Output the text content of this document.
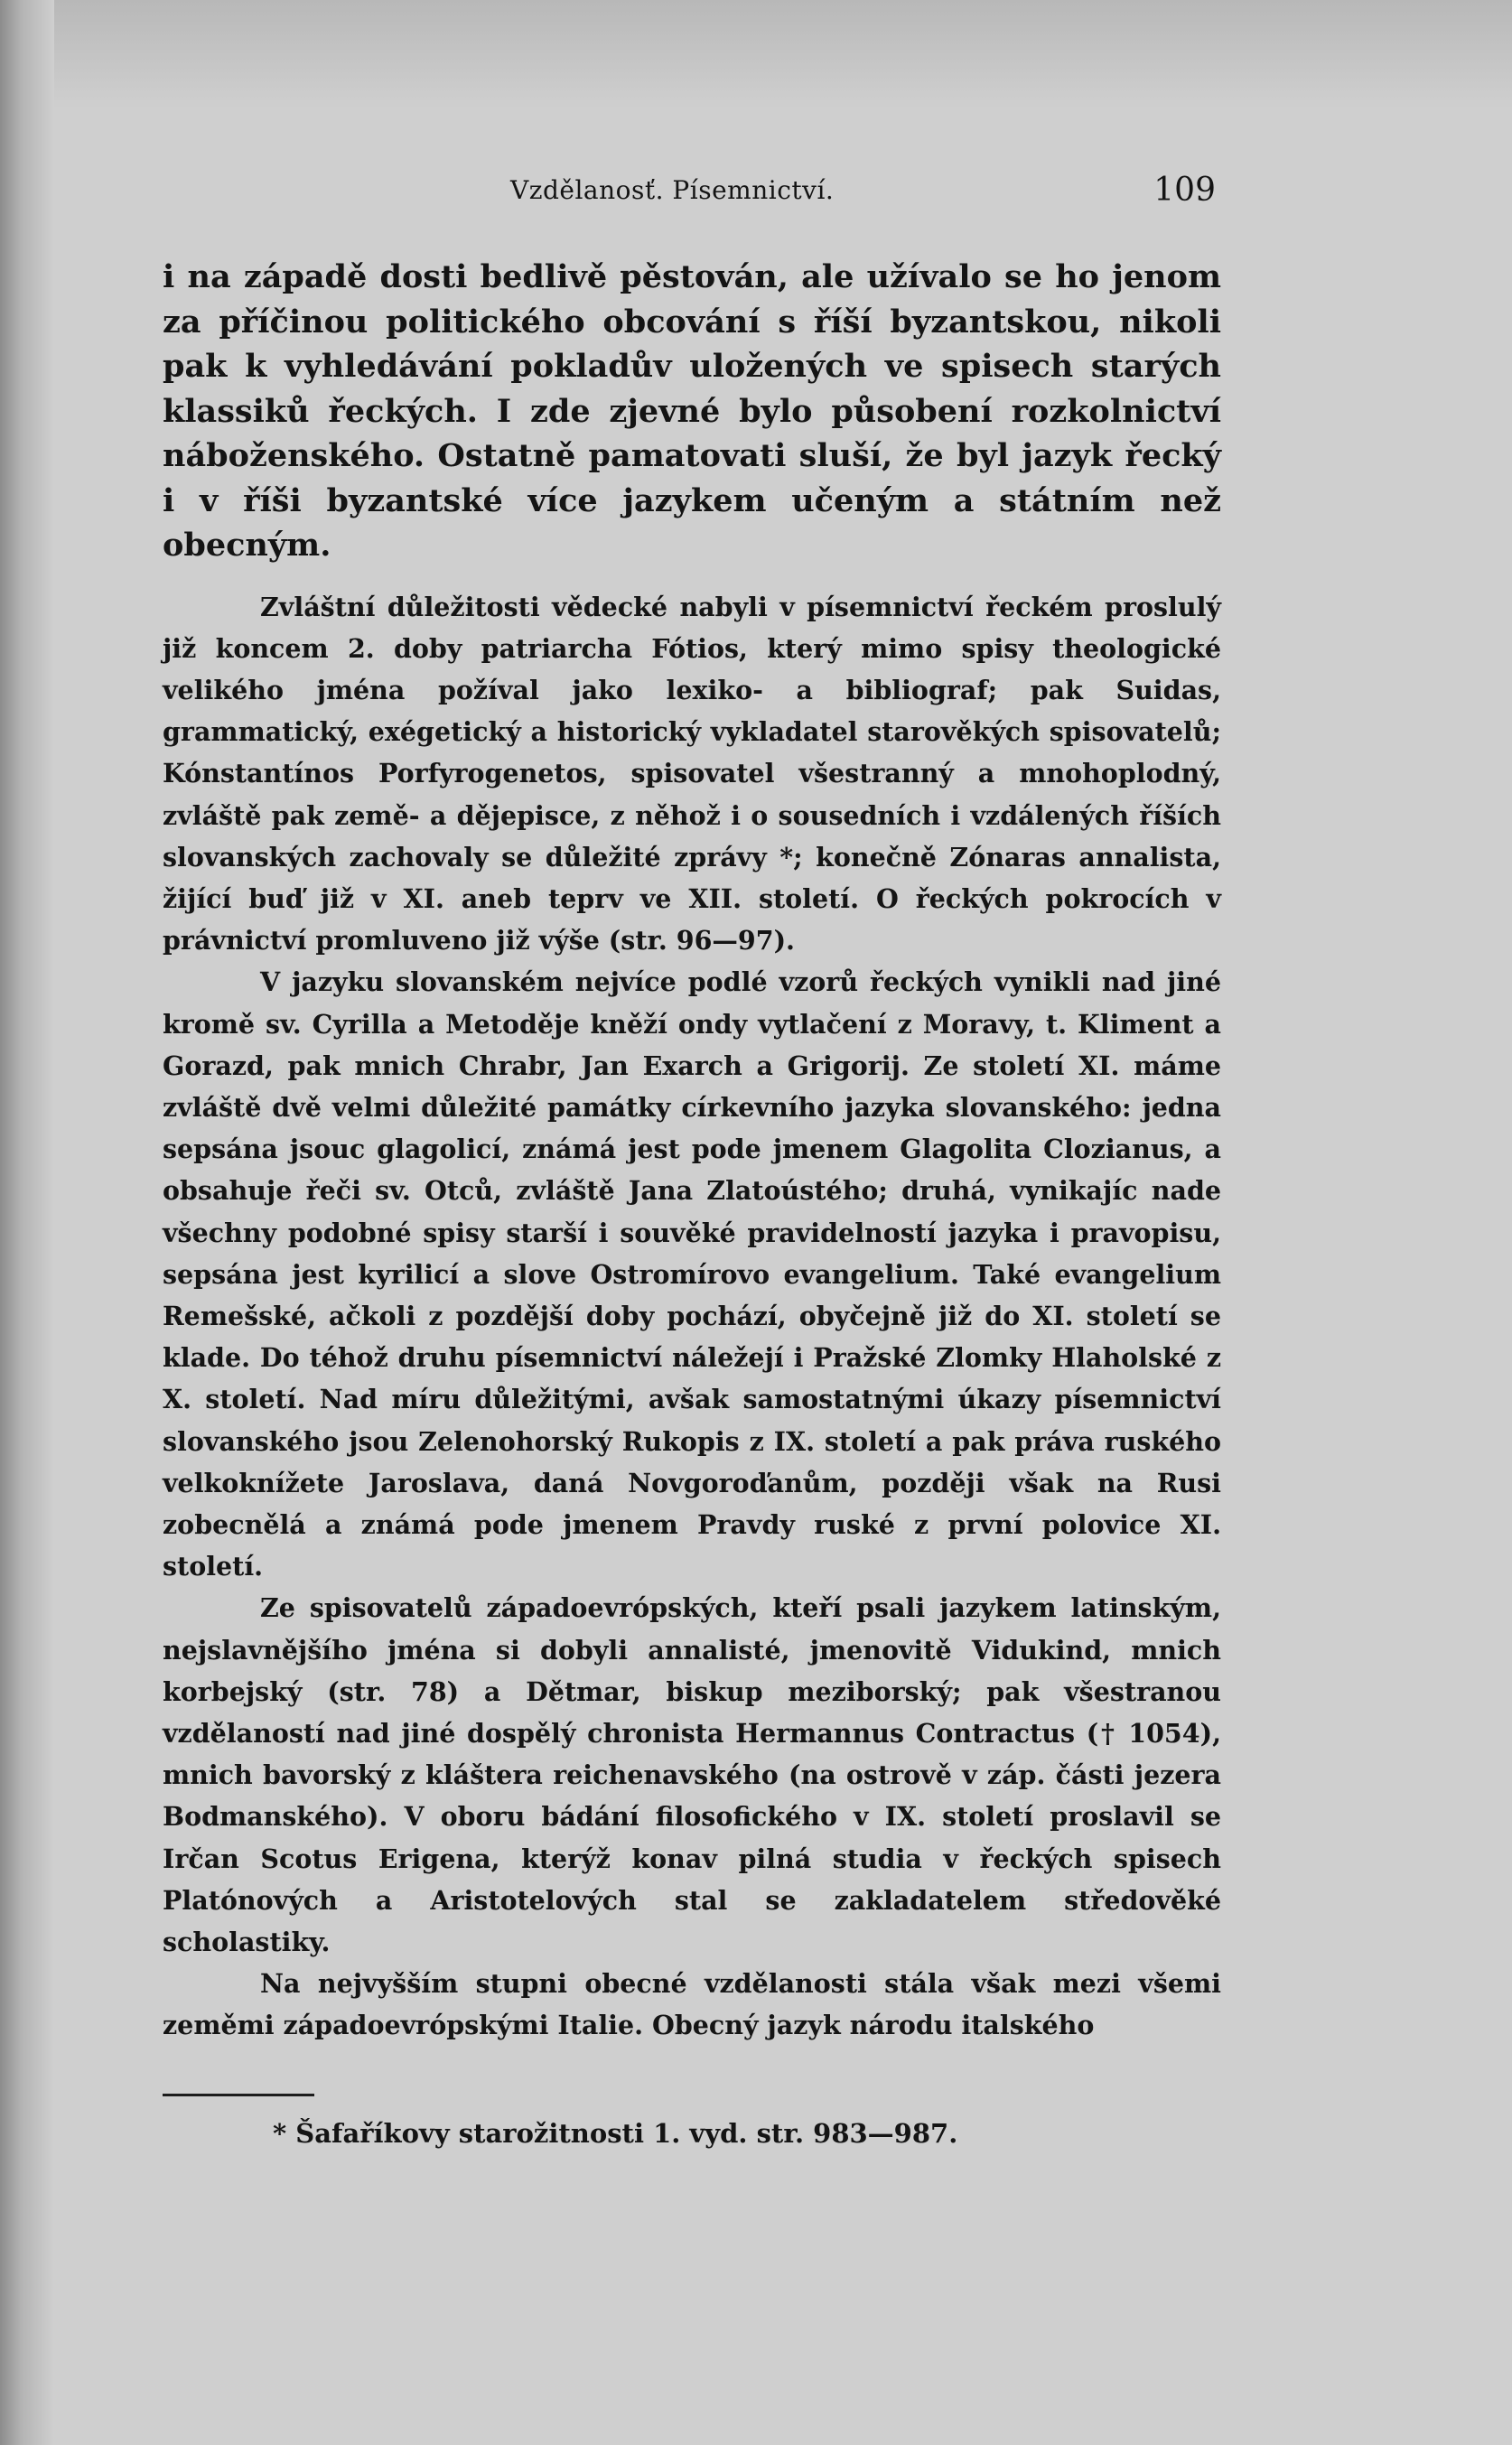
Vzdělanosť. Písemnictví.	109

i na západě dosti bedlivě pěstován, ale užívalo se ho jenom za příčinou politického obcování s říší byzantskou, nikoli pak k vyhledávání pokladův uložených ve spisech starých klassiků řeckých. I zde zjevné bylo působení rozkolnictví náboženského. Ostatně pamatovati sluší, že byl jazyk řecký i v říši byzantské více jazykem učeným a státním než obecným.

Zvláštní důležitosti vědecké nabyli v písemnictví řeckém proslulý již koncem 2. doby patriarcha Fótios, který mimo spisy theologické velikého jména požíval jako lexiko- a bibliograf; pak Suidas, grammatický, exégetický a historický vykladatel starověkých spisovatelů; Kónstantínos Porfyrogenetos, spisovatel všestranný a mnohoplodný, zvláště pak země- a dějepisce, z něhož i o sousedních i vzdálených říších slovanských zachovaly se důležité zprávy *; konečně Zónaras annalista, žijící buď již v XI. aneb teprv ve XII. století. O řeckých pokrocích v právnictví promluveno již výše (str. 96—97).

V jazyku slovanském nejvíce podlé vzorů řeckých vynikli nad jiné kromě sv. Cyrilla a Metoděje kněží ondy vytlačení z Moravy, t. Kliment a Gorazd, pak mnich Chrabr, Jan Exarch a Grigorij. Ze století XI. máme zvláště dvě velmi důležité památky církevního jazyka slovanského: jedna sepsána jsouc glagolicí, známá jest pode jmenem Glagolita Clozianus, a obsahuje řeči sv. Otců, zvláště Jana Zlatoústého; druhá, vynikajíc nade všechny podobné spisy starší i souvěké pravidelností jazyka i pravopisu, sepsána jest kyrilicí a slove Ostromírovo evangelium. Také evangelium Remešské, ačkoli z pozdější doby pochází, obyčejně již do XI. století se klade. Do téhož druhu písemnictví náležejí i Pražské Zlomky Hlaholské z X. století. Nad míru důležitými, avšak samostatnými úkazy písemnictví slovanského jsou Zelenohorský Rukopis z IX. století a pak práva ruského velkoknížete Jaroslava, daná Novgoroďanům, později však na Rusi zobecnělá a známá pode jmenem Pravdy ruské z první polovice XI. století.

Ze spisovatelů západoevrópských, kteří psali jazykem latinským, nejslavnějšího jména si dobyli annalisté, jmenovitě Vidukind, mnich korbejský (str. 78) a Dětmar, biskup meziborský; pak všestranou vzdělaností nad jiné dospělý chronista Hermannus Contractus († 1054), mnich bavorský z kláštera reichenavského (na ostrově v záp. části jezera Bodmanského). V oboru bádání filosofického v IX. století proslavil se Irčan Scotus Erigena, kterýž konav pilná studia v řeckých spisech Platónových a Aristotelových stal se zakladatelem středověké scholastiky.

Na nejvyšším stupni obecné vzdělanosti stála však mezi všemi zeměmi západoevrópskými Italie. Obecný jazyk národu italského

* Šafaříkovy starožitnosti 1. vyd. str. 983—987.
